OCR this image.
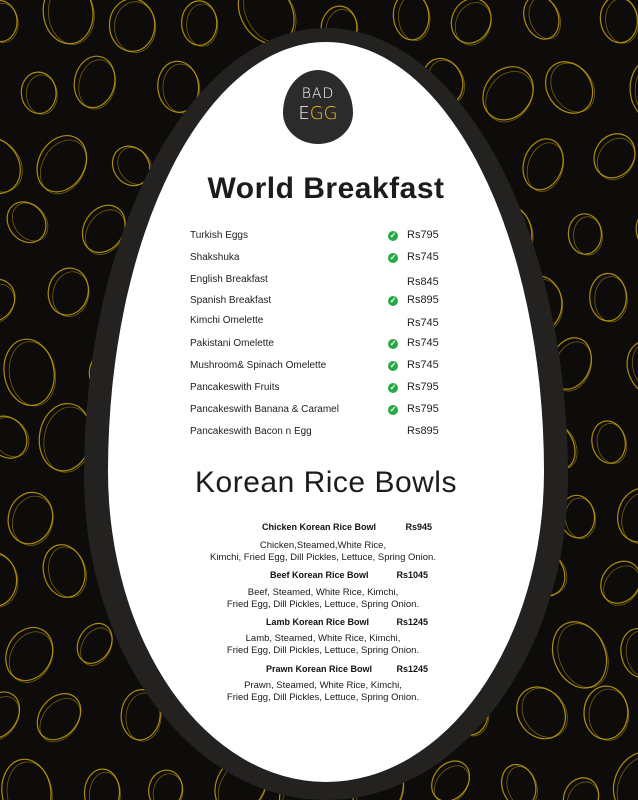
BAD
EGG
World Breakfast
Turkish Eggs	✓ Rs795
Shakshuka	✓ Rs745
English Breakfast	Rs845
Spanish Breakfast	✓ Rs895
Kimchi Omelette	Rs745
Pakistani Omelette	✓ Rs745
Mushroom& Spinach Omelette	✓ Rs745
Pancakeswith Fruits	✓ Rs795
Pancakeswith Banana & Caramel	✓ Rs795
Pancakeswith Bacon n Egg	Rs895
Korean Rice Bowls
Chicken Korean Rice Bowl	Rs945
Chicken,Steamed,White Rice,
Kimchi, Fried Egg, Dill Pickles, Lettuce, Spring Onion.
Beef Korean Rice Bowl	Rs1045
Beef, Steamed, White Rice, Kimchi,
Fried Egg, Dill Pickles, Lettuce, Spring Onion.
Lamb Korean Rice Bowl	Rs1245
Lamb, Steamed, White Rice, Kimchi,
Fried Egg, Dill Pickles, Lettuce, Spring Onion.
Prawn Korean Rice Bowl	Rs1245
Prawn, Steamed, White Rice, Kimchi,
Fried Egg, Dill Pickles, Lettuce, Spring Onion.
